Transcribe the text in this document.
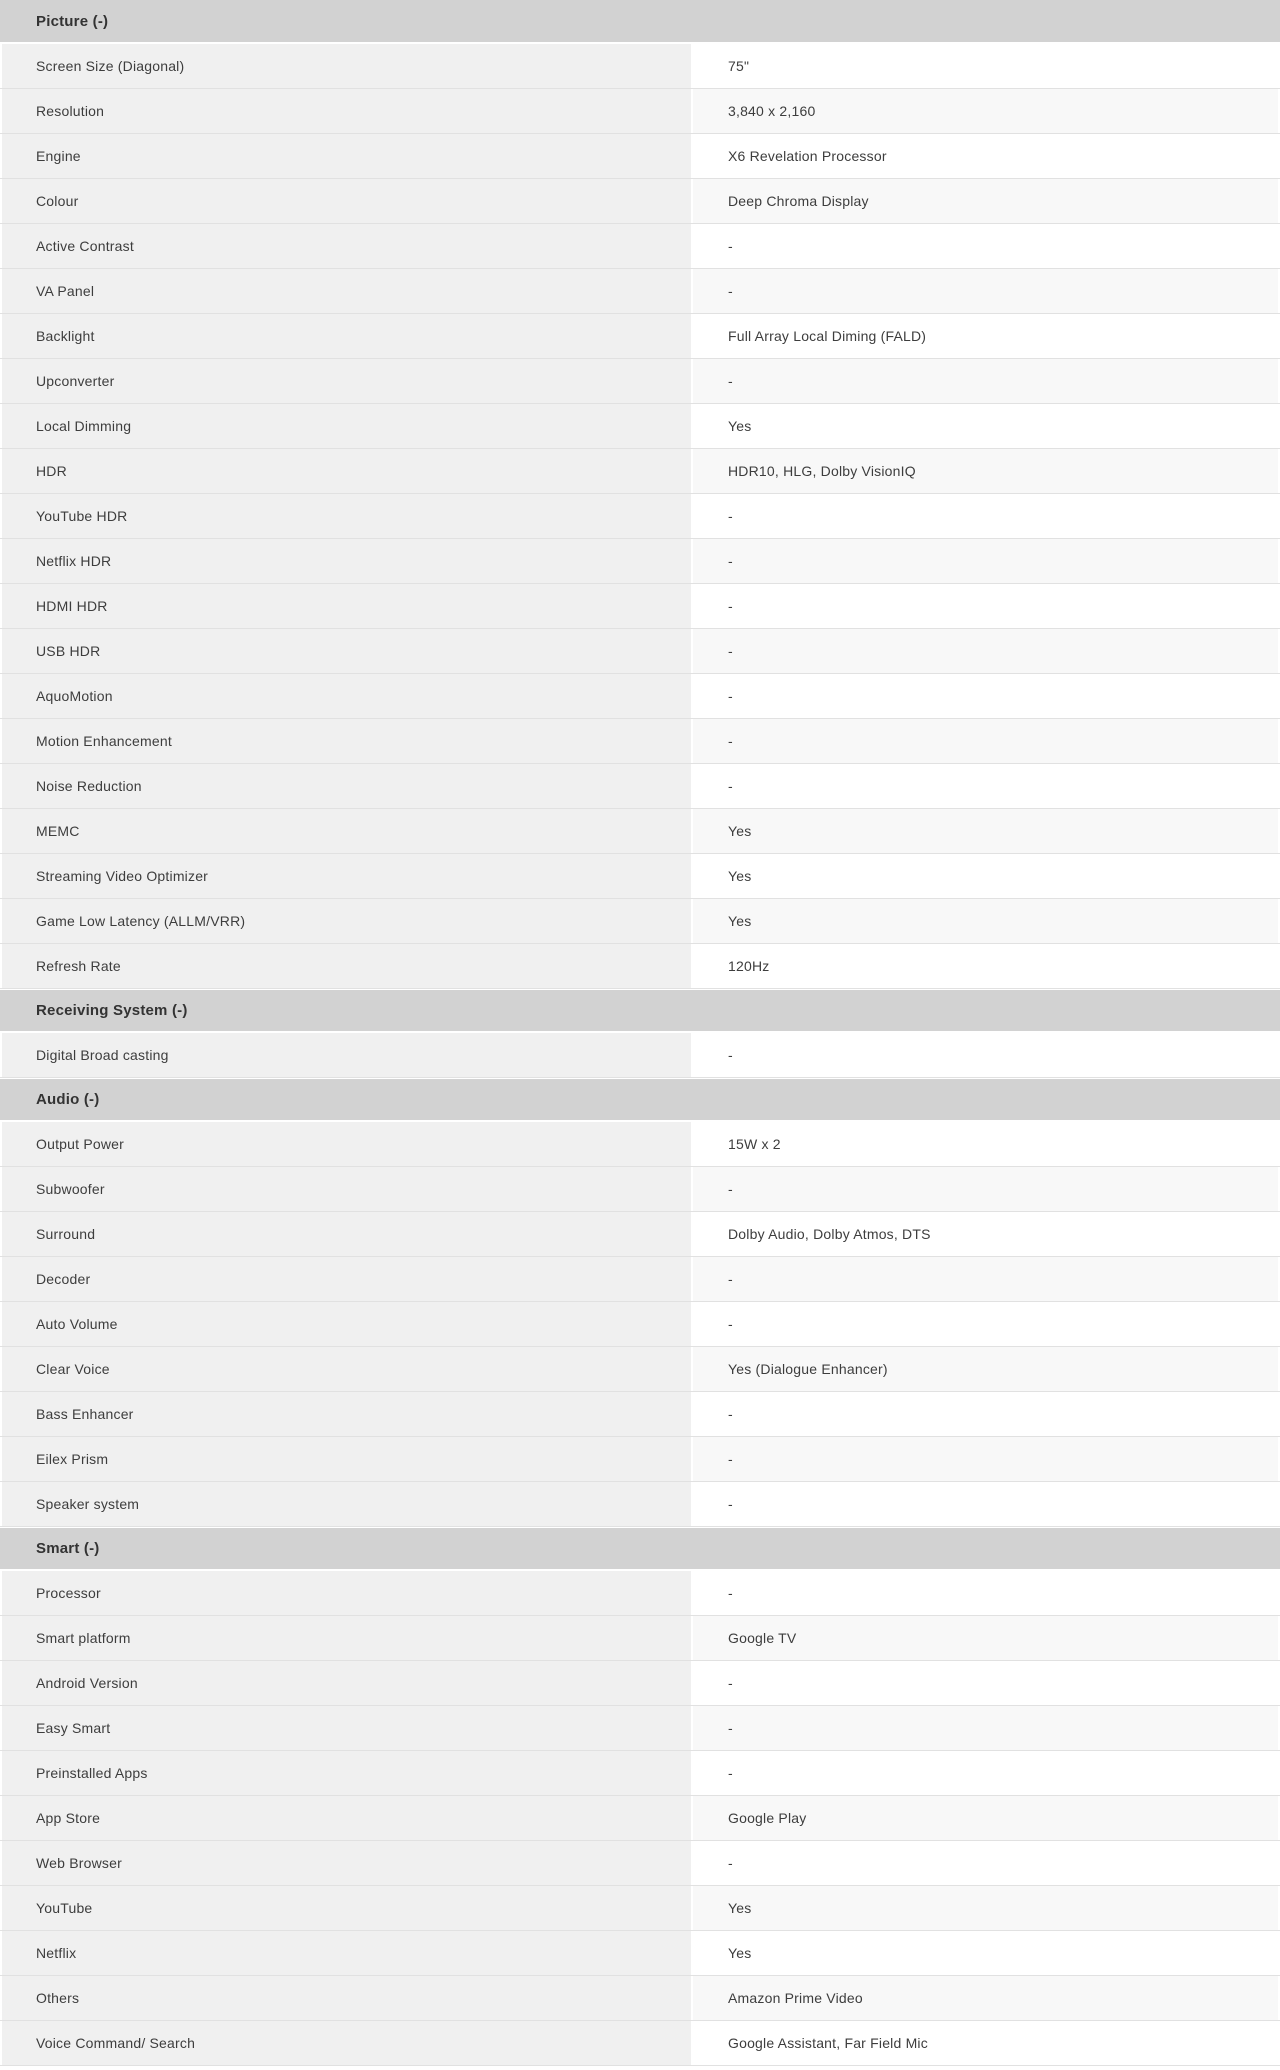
Picture (-)
Screen Size (Diagonal)	75"
Resolution	3,840 x 2,160
Engine	X6 Revelation Processor
Colour	Deep Chroma Display
Active Contrast	-
VA Panel	-
Backlight	Full Array Local Diming (FALD)
Upconverter	-
Local Dimming	Yes
HDR	HDR10, HLG, Dolby VisionIQ
YouTube HDR	-
Netflix HDR	-
HDMI HDR	-
USB HDR	-
AquoMotion	-
Motion Enhancement	-
Noise Reduction	-
MEMC	Yes
Streaming Video Optimizer	Yes
Game Low Latency (ALLM/VRR)	Yes
Refresh Rate	120Hz
Receiving System (-)
Digital Broad casting	-
Audio (-)
Output Power	15W x 2
Subwoofer	-
Surround	Dolby Audio, Dolby Atmos, DTS
Decoder	-
Auto Volume	-
Clear Voice	Yes (Dialogue Enhancer)
Bass Enhancer	-
Eilex Prism	-
Speaker system	-
Smart (-)
Processor	-
Smart platform	Google TV
Android Version	-
Easy Smart	-
Preinstalled Apps	-
App Store	Google Play
Web Browser	-
YouTube	Yes
Netflix	Yes
Others	Amazon Prime Video
Voice Command/ Search	Google Assistant, Far Field Mic
